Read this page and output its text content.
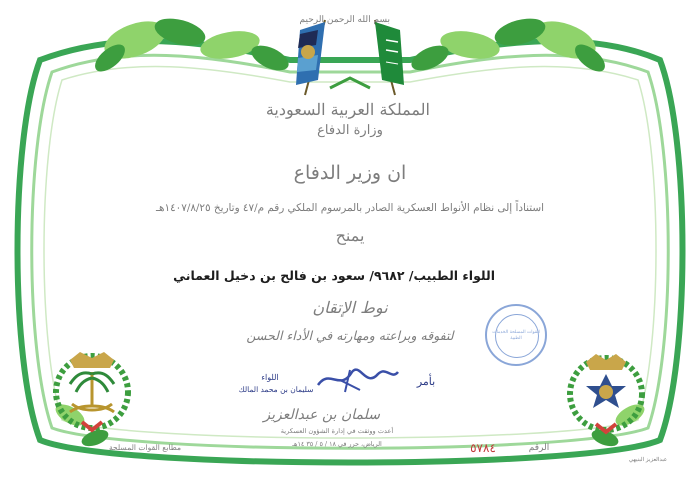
بسم الله الرحمن الرحيم
المملكة العربية السعودية
وزارة الدفاع
ان وزير الدفاع
استناداً إلى نظام الأنواط العسكرية الصادر بالمرسوم الملكي رقم م/٤٧ وتاريخ ١٤٠٧/٨/٢٥هـ
يمنح
اللواء الطبيب/ ٩٦٨٢/ سعود بن فالح بن دخيل العماني
نوط الإتقان
لتفوقه وبراعته ومهارته في الأداء الحسن
بأمر
اللواء
سليمان بن محمد المالك
سلمان بن عبدالعزيز
أعدت ووثقت في إدارة الشؤون العسكرية
الرياض، حرر في ١٨ / ٥ / ٣٥ ١٤هـ	الرقم
٥٧٨٤
مطابع القوات المسلحة
عبدالعزيز البنيهي
القوات المسلحة الخدمات الطبية
